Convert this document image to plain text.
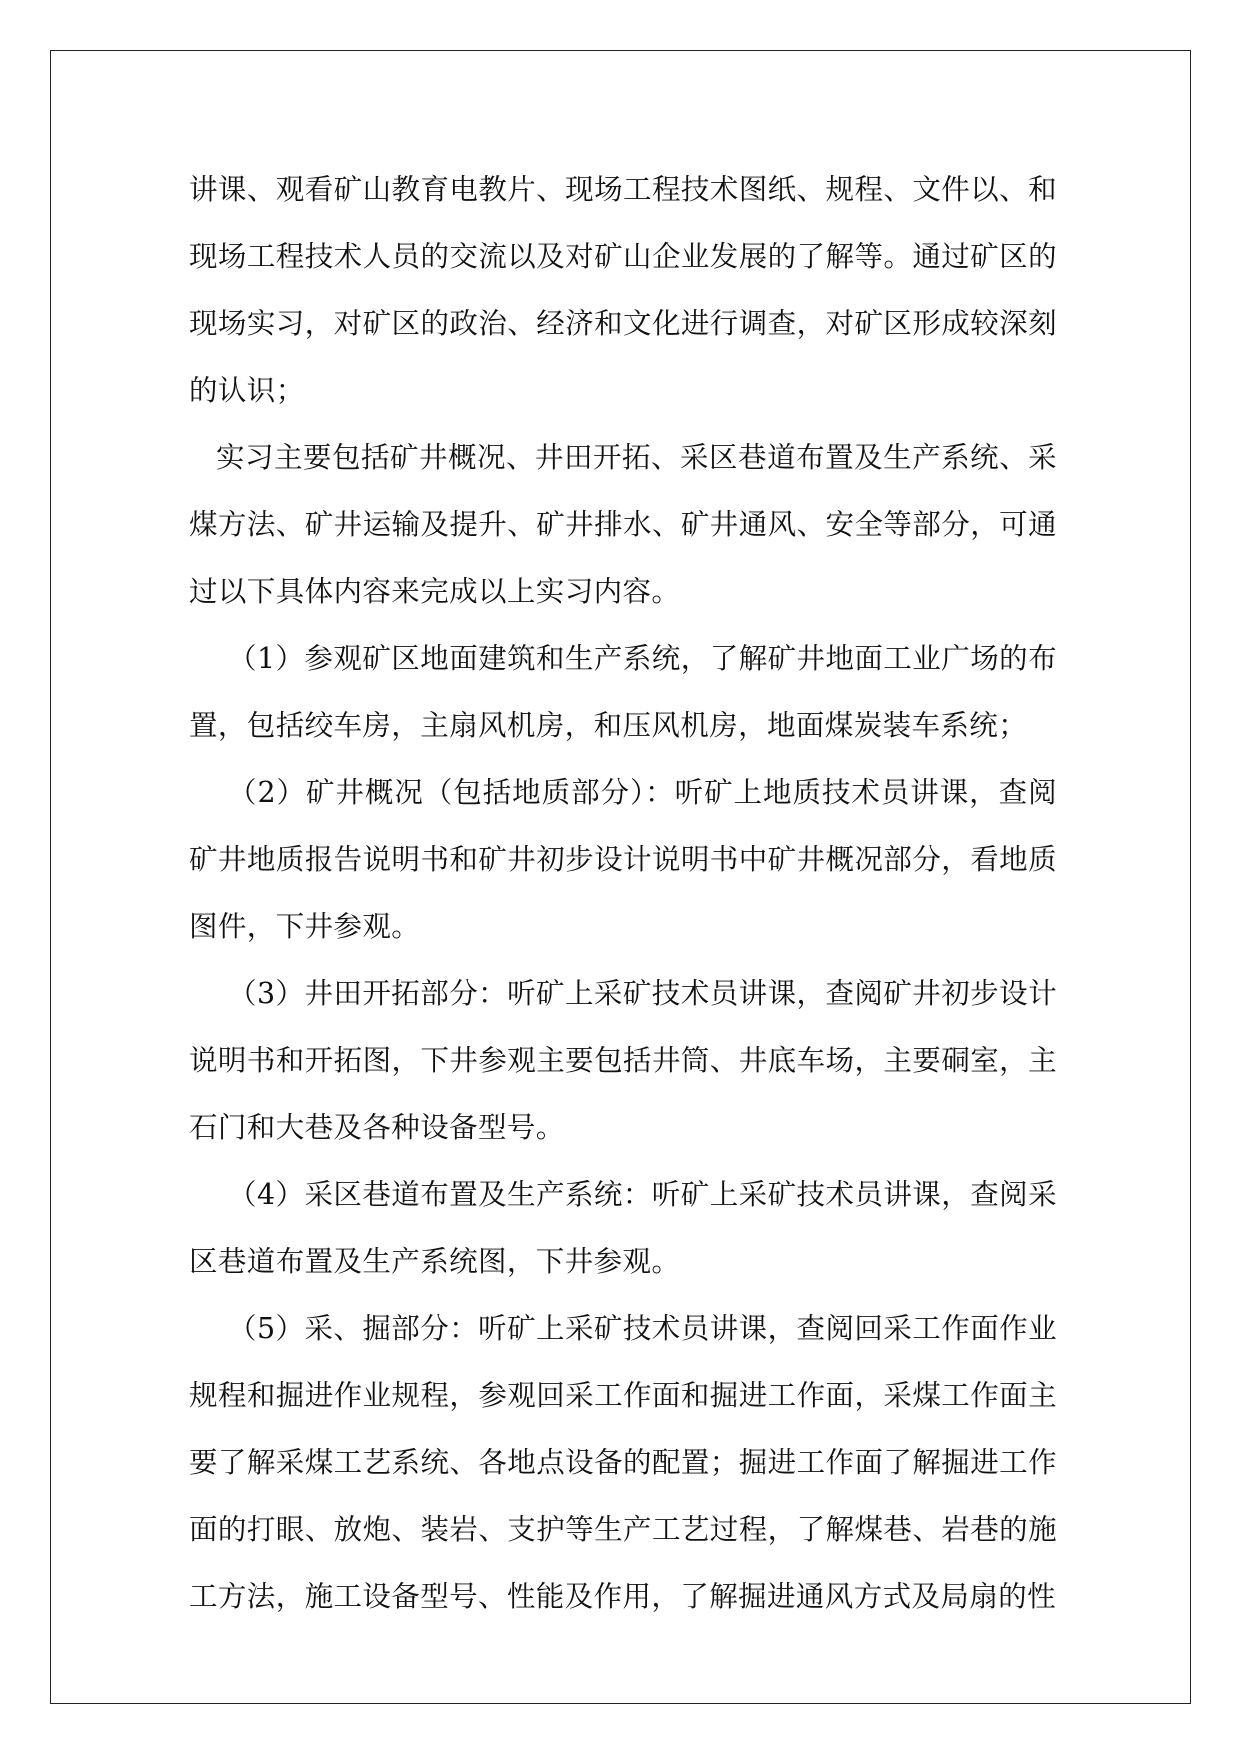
讲课、观看矿山教育电教片、现场工程技术图纸、规程、文件以、和现场工程技术人员的交流以及对矿山企业发展的了解等。通过矿区的现场实习，对矿区的政治、经济和文化进行调查，对矿区形成较深刻的认识；

实习主要包括矿井概况、井田开拓、采区巷道布置及生产系统、采煤方法、矿井运输及提升、矿井排水、矿井通风、安全等部分，可通过以下具体内容来完成以上实习内容。

（1）参观矿区地面建筑和生产系统，了解矿井地面工业广场的布置，包括绞车房，主扇风机房，和压风机房，地面煤炭装车系统；

（2）矿井概况（包括地质部分）：听矿上地质技术员讲课，查阅矿井地质报告说明书和矿井初步设计说明书中矿井概况部分，看地质图件，下井参观。

（3）井田开拓部分：听矿上采矿技术员讲课，查阅矿井初步设计说明书和开拓图，下井参观主要包括井筒、井底车场，主要硐室，主石门和大巷及各种设备型号。

（4）采区巷道布置及生产系统：听矿上采矿技术员讲课，查阅采区巷道布置及生产系统图，下井参观。

（5）采、掘部分：听矿上采矿技术员讲课，查阅回采工作面作业规程和掘进作业规程，参观回采工作面和掘进工作面，采煤工作面主要了解采煤工艺系统、各地点设备的配置；掘进工作面了解掘进工作面的打眼、放炮、装岩、支护等生产工艺过程，了解煤巷、岩巷的施工方法，施工设备型号、性能及作用，了解掘进通风方式及局扇的性
